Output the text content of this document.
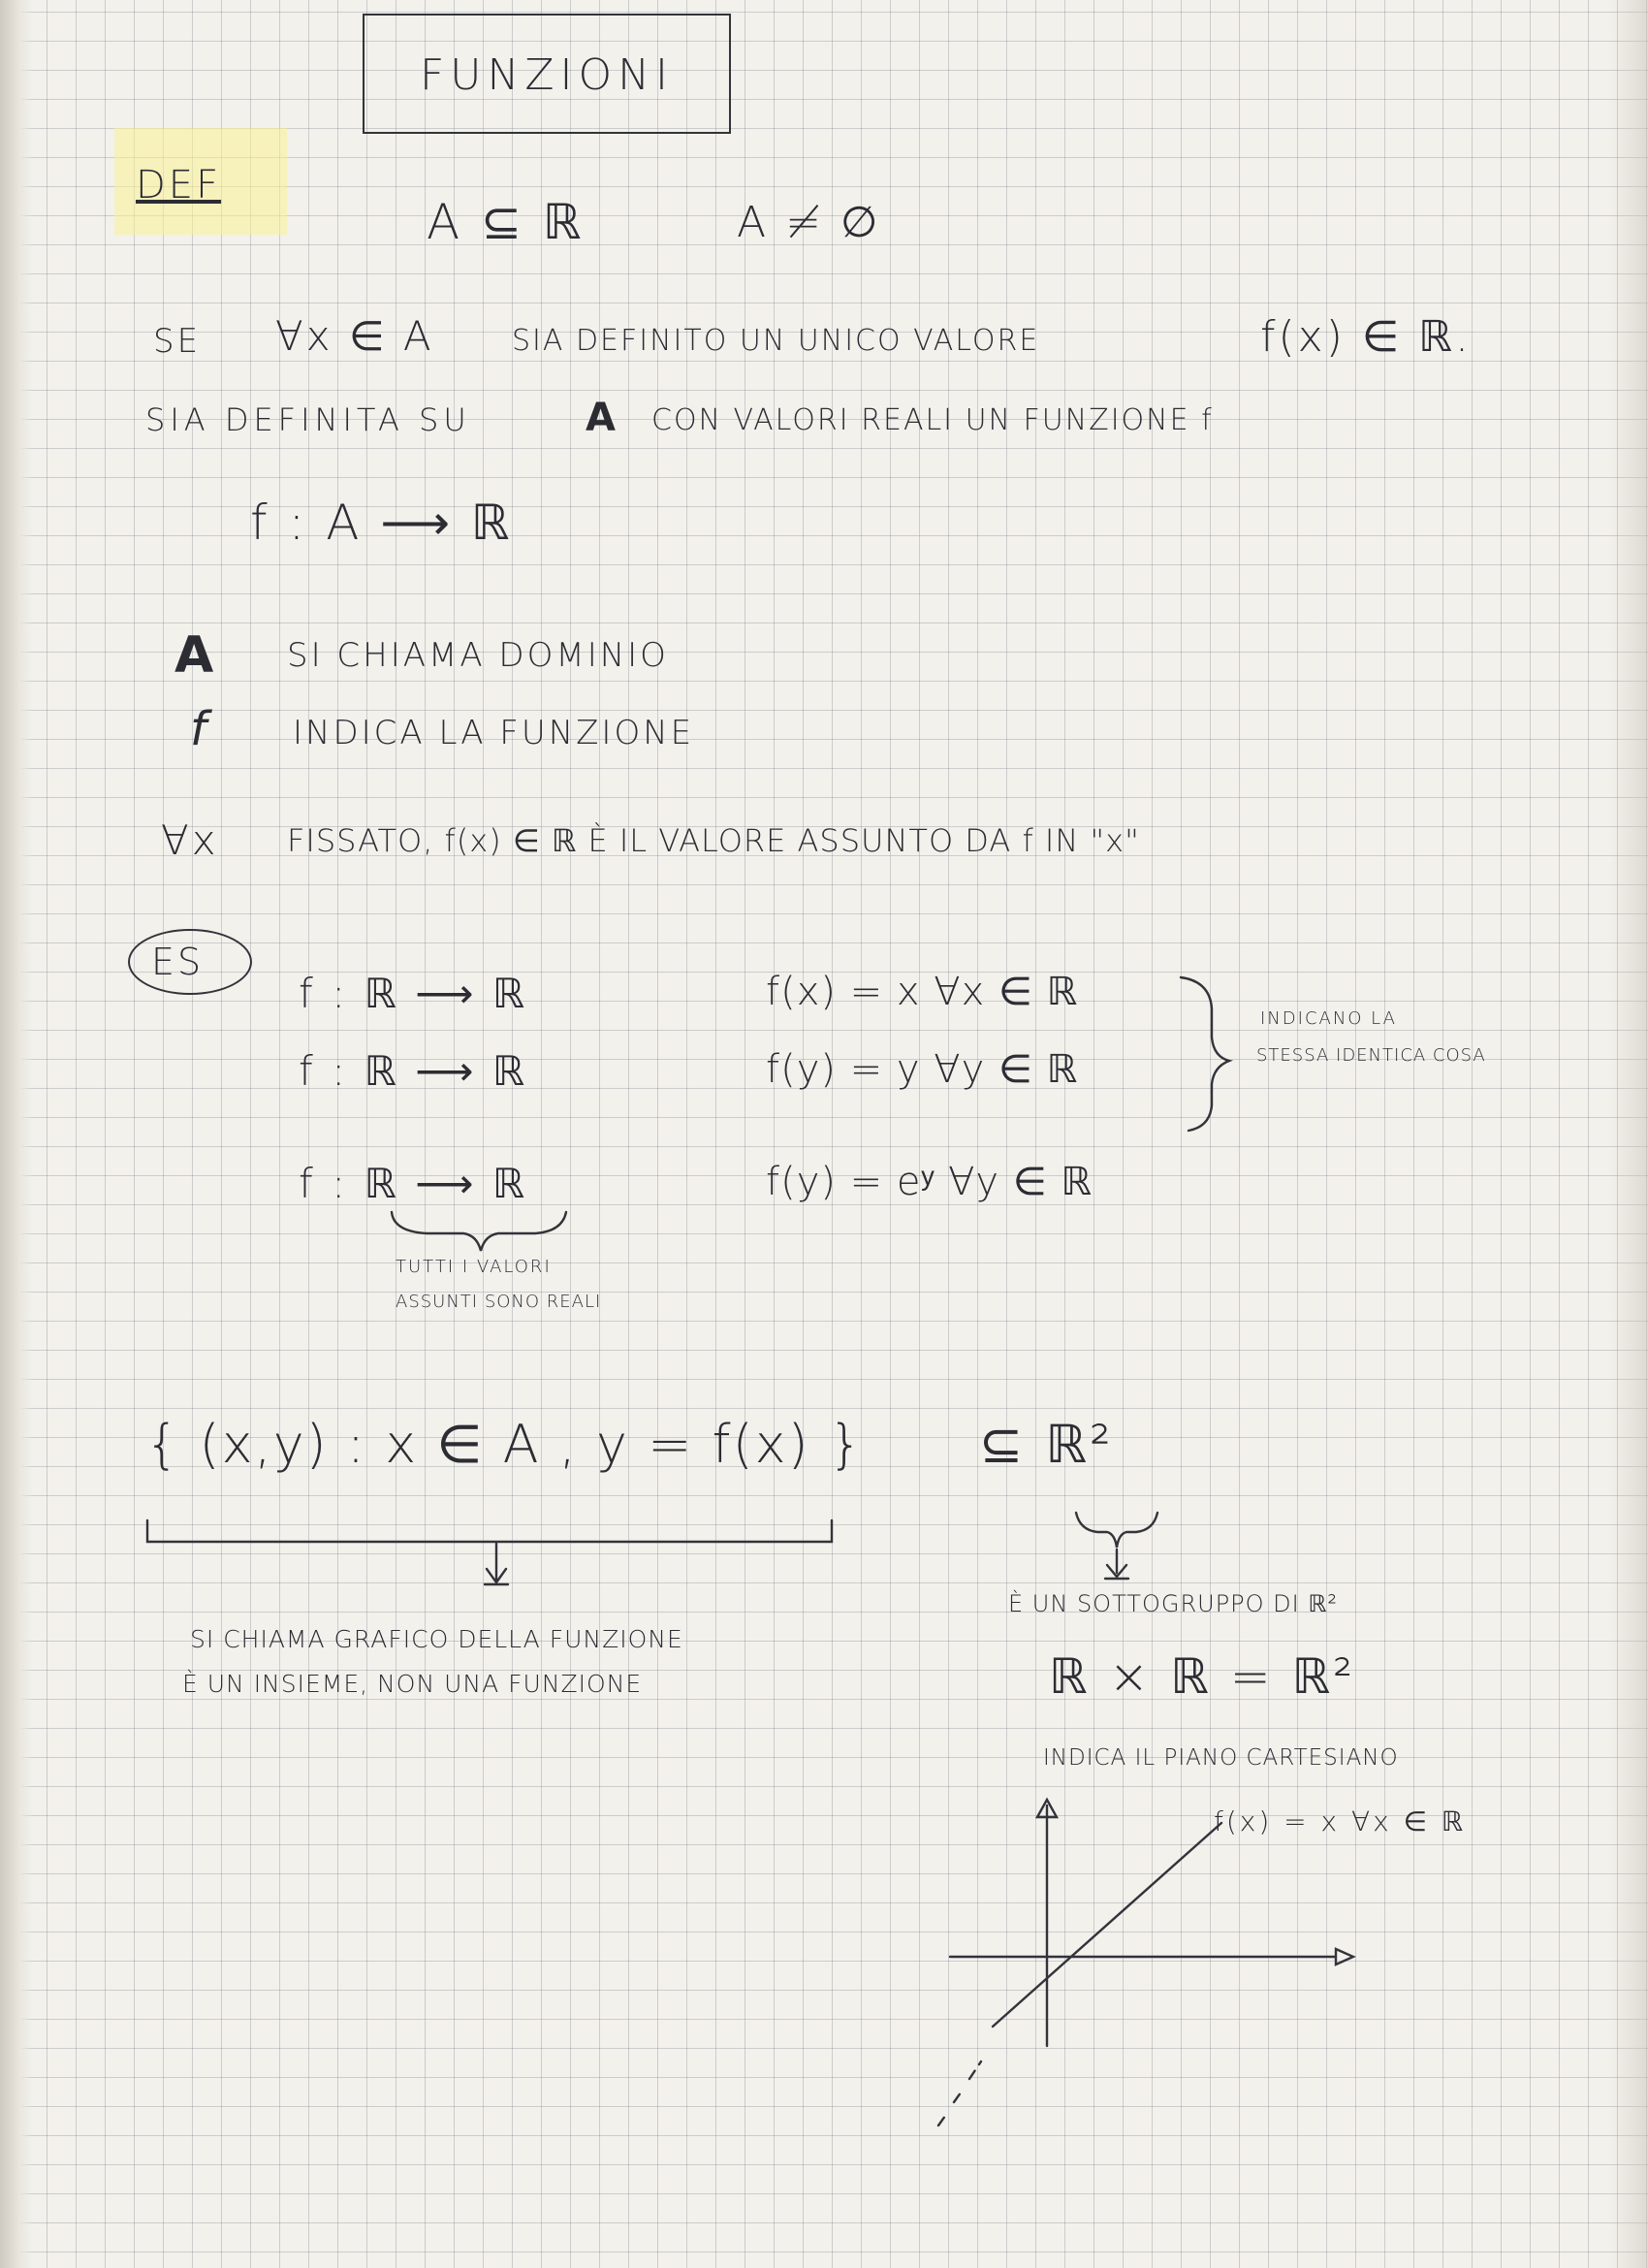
FUNZIONI
DEF
A ⊆ ℝ	A ≠ ∅
SE ∀x ∈ A	SIA DEFINITO UN UNICO VALORE	f(x) ∈ ℝ.
SIA DEFINITA SU	A CON VALORI REALI UN FUNZIONE f
f : A ⟶ ℝ
A SI CHIAMA DOMINIO
f	INDICA LA FUNZIONE
∀x FISSATO, f(x) ∈ ℝ È IL VALORE ASSUNTO DA f IN "x"
ES
f : ℝ ⟶ ℝ	f(x) = x ∀x ∈ ℝ
f : ℝ ⟶ ℝ	f(y) = y ∀y ∈ ℝ
f : ℝ ⟶ ℝ	f(y) = eʸ ∀y ∈ ℝ
INDICANO LA
STESSA IDENTICA COSA
TUTTI I VALORI
ASSUNTI SONO REALI
{ (x,y) : x ∈ A , y = f(x) } ⊆ ℝ²
SI CHIAMA GRAFICO DELLA FUNZIONE
È UN INSIEME, NON UNA FUNZIONE
È UN SOTTOGRUPPO DI ℝ²
ℝ × ℝ = ℝ²
INDICA IL PIANO CARTESIANO
f(x) = x ∀x ∈ ℝ
